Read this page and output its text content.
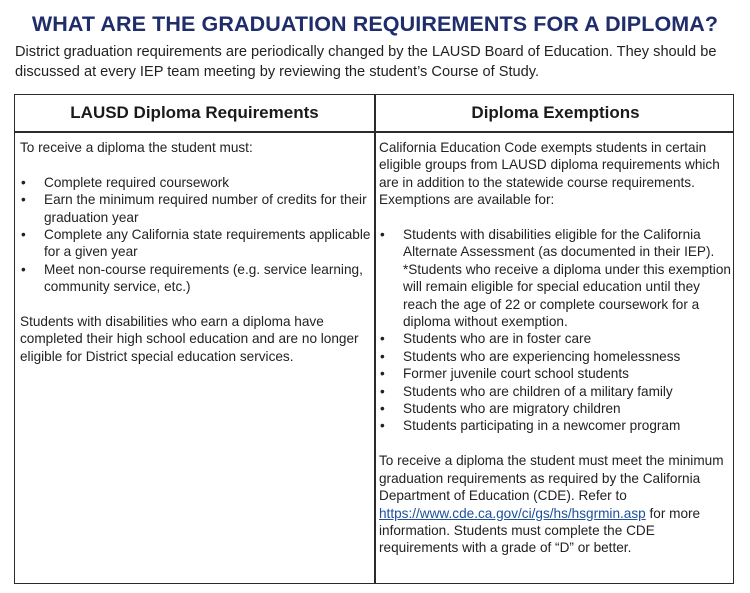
WHAT ARE THE GRADUATION REQUIREMENTS FOR A DIPLOMA?
District graduation requirements are periodically changed by the LAUSD Board of Education. They should be discussed at every IEP team meeting by reviewing the student’s Course of Study.
LAUSD Diploma Requirements	Diploma Exemptions
To receive a diploma the student must:
• Complete required coursework
• Earn the minimum required number of credits for their graduation year
• Complete any California state requirements applicable for a given year
• Meet non-course requirements (e.g. service learning, community service, etc.)
Students with disabilities who earn a diploma have completed their high school education and are no longer eligible for District special education services.
California Education Code exempts students in certain eligible groups from LAUSD diploma requirements which are in addition to the statewide course requirements. Exemptions are available for:
• Students with disabilities eligible for the California Alternate Assessment (as documented in their IEP). *Students who receive a diploma under this exemption will remain eligible for special education until they reach the age of 22 or complete coursework for a diploma without exemption.
• Students who are in foster care
• Students who are experiencing homelessness
• Former juvenile court school students
• Students who are children of a military family
• Students who are migratory children
• Students participating in a newcomer program
To receive a diploma the student must meet the minimum graduation requirements as required by the California Department of Education (CDE). Refer to https://www.cde.ca.gov/ci/gs/hs/hsgrmin.asp for more information. Students must complete the CDE requirements with a grade of “D” or better.
